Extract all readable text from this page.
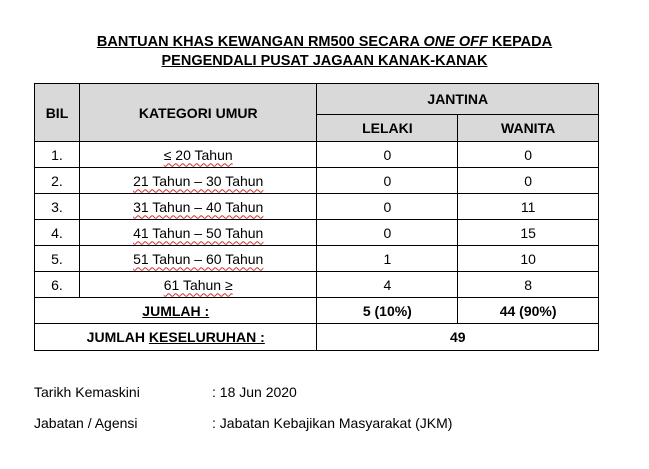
BANTUAN KHAS KEWANGAN RM500 SECARA ONE OFF KEPADA
PENGENDALI PUSAT JAGAAN KANAK-KANAK
BIL	KATEGORI UMUR	JANTINA	
		LELAKI	WANITA
1.	≤ 20 Tahun	0	0
2.	21 Tahun – 30 Tahun	0	0
3.	31 Tahun – 40 Tahun	0	11
4.	41 Tahun – 50 Tahun	0	15
5.	51 Tahun – 60 Tahun	1	10
6.	61 Tahun ≥	4	8
JUMLAH :		5 (10%)	44 (90%)
JUMLAH KESELURUHAN :		49	
Tarikh Kemaskini	: 18 Jun 2020
Jabatan / Agensi	: Jabatan Kebajikan Masyarakat (JKM)
